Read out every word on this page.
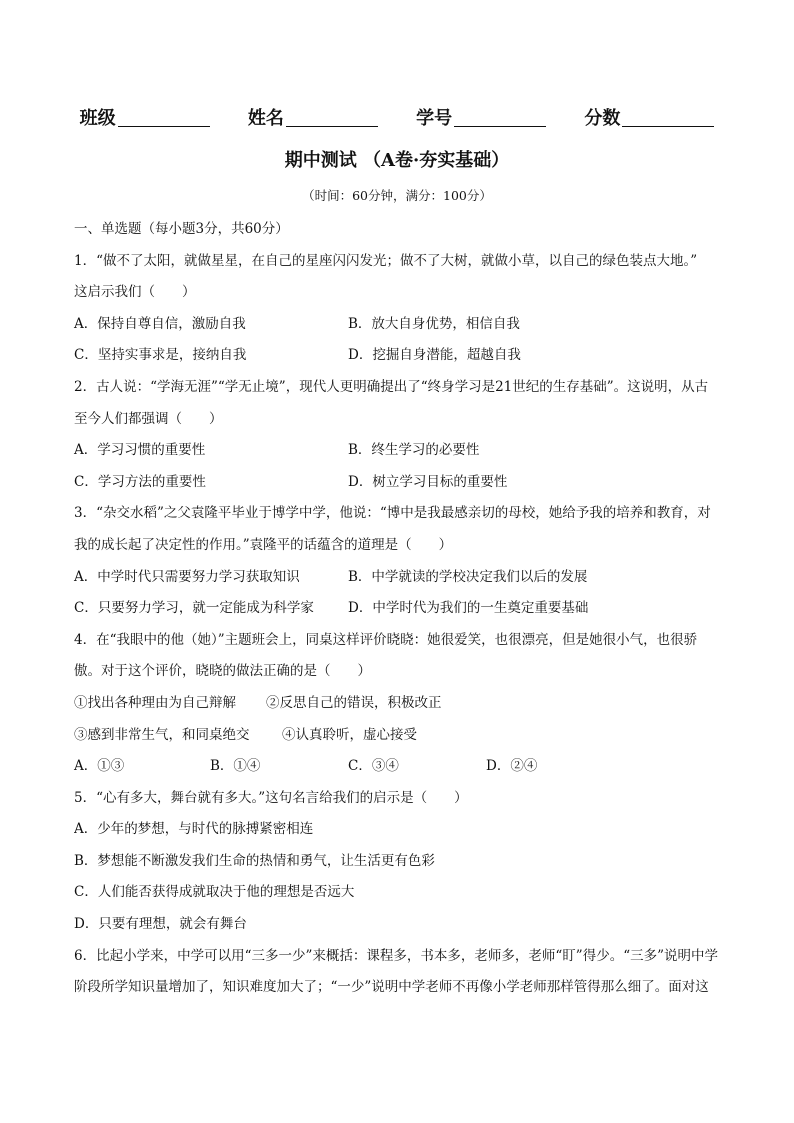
班级	姓名	学号	分数
期中测试 （A卷·夯实基础）
（时间：60分钟，满分：100分）
一、单选题（每小题3分，共60分）
1．“做不了太阳，就做星星，在自己的星座闪闪发光；做不了大树，就做小草，以自己的绿色装点大地。”
这启示我们（　　）
A．保持自尊自信，激励自我	B．放大自身优势，相信自我
C．坚持实事求是，接纳自我	D．挖掘自身潜能，超越自我
2．古人说：“学海无涯”“学无止境”，现代人更明确提出了“终身学习是21世纪的生存基础”。这说明，从古
至今人们都强调（　　）
A．学习习惯的重要性	B．终生学习的必要性
C．学习方法的重要性	D．树立学习目标的重要性
3．“杂交水稻”之父袁隆平毕业于博学中学，他说：“博中是我最感亲切的母校，她给予我的培养和教育，对
我的成长起了决定性的作用。”袁隆平的话蕴含的道理是（　　）
A．中学时代只需要努力学习获取知识	B．中学就读的学校决定我们以后的发展
C．只要努力学习，就一定能成为科学家	D．中学时代为我们的一生奠定重要基础
4．在“我眼中的他（她）”主题班会上，同桌这样评价晓晓：她很爱笑，也很漂亮，但是她很小气，也很骄
傲。对于这个评价，晓晓的做法正确的是（　　）
①找出各种理由为自己辩解 ②反思自己的错误，积极改正
③感到非常生气，和同桌绝交 ④认真聆听，虚心接受
A．①③	B．①④	C．③④	D．②④
5．“心有多大，舞台就有多大。”这句名言给我们的启示是（　　）
A．少年的梦想，与时代的脉搏紧密相连
B．梦想能不断激发我们生命的热情和勇气，让生活更有色彩
C．人们能否获得成就取决于他的理想是否远大
D．只要有理想，就会有舞台
6．比起小学来，中学可以用“三多一少”来概括：课程多，书本多，老师多，老师“盯”得少。“三多”说明中学
阶段所学知识量增加了，知识难度加大了；“一少”说明中学老师不再像小学老师那样管得那么细了。面对这
